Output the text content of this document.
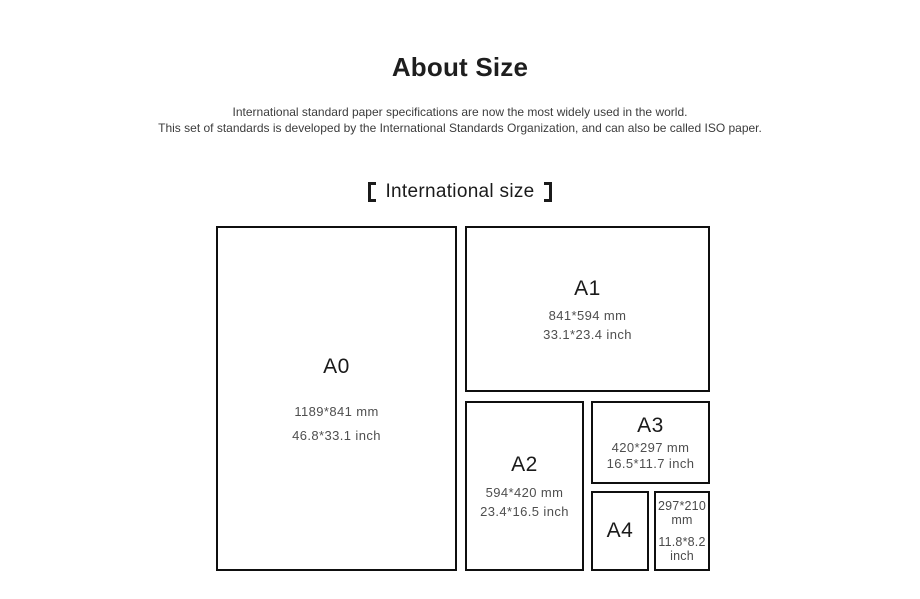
About Size
International standard paper specifications are now the most widely used in the world.
This set of standards is developed by the International Standards Organization, and can also be called ISO paper.
International size
A0
1189*841 mm
46.8*33.1 inch
A1
841*594 mm
33.1*23.4 inch
A2
594*420 mm
23.4*16.5 inch
A3
420*297 mm
16.5*11.7 inch
A4
297*210
mm
11.8*8.2
inch
